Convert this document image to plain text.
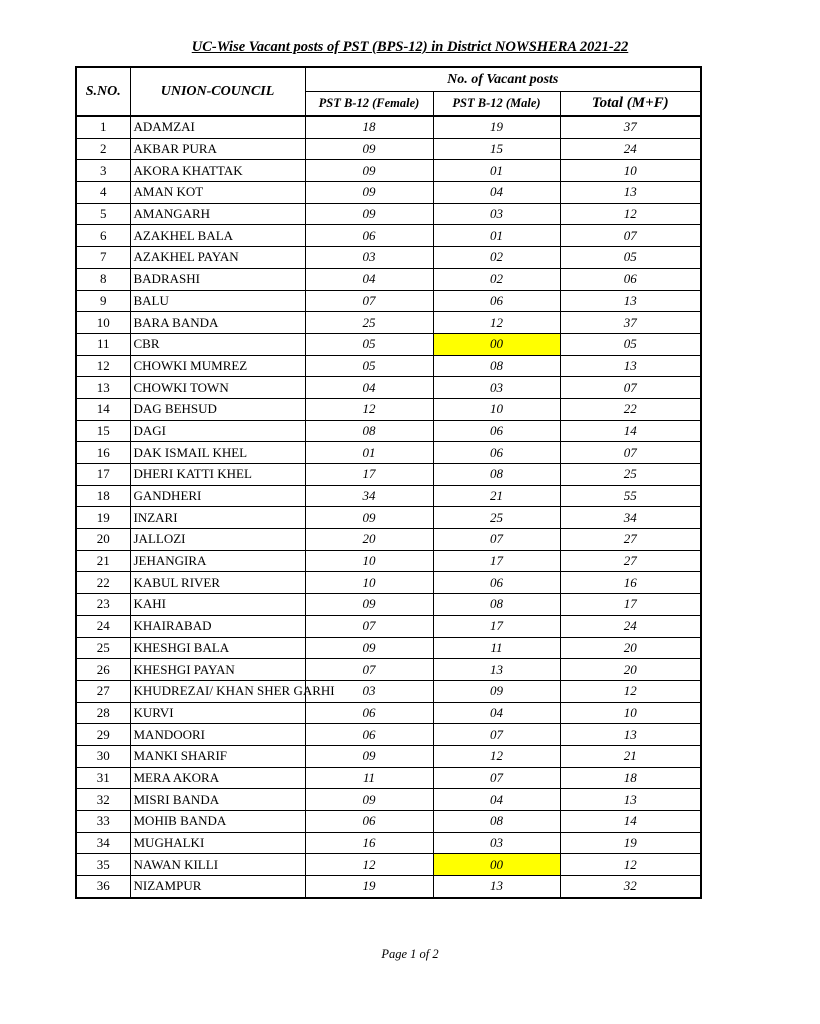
UC-Wise Vacant posts of PST (BPS-12) in District NOWSHERA 2021-22
S.NO.	UNION-COUNCIL	No. of Vacant posts		
		PST B-12 (Female)	PST B-12 (Male)	Total (M+F)
1	ADAMZAI	18	19	37
2	AKBAR PURA	09	15	24
3	AKORA KHATTAK	09	01	10
4	AMAN KOT	09	04	13
5	AMANGARH	09	03	12
6	AZAKHEL BALA	06	01	07
7	AZAKHEL PAYAN	03	02	05
8	BADRASHI	04	02	06
9	BALU	07	06	13
10	BARA BANDA	25	12	37
11	CBR	05	00	05
12	CHOWKI MUMREZ	05	08	13
13	CHOWKI TOWN	04	03	07
14	DAG BEHSUD	12	10	22
15	DAGI	08	06	14
16	DAK ISMAIL KHEL	01	06	07
17	DHERI KATTI KHEL	17	08	25
18	GANDHERI	34	21	55
19	INZARI	09	25	34
20	JALLOZI	20	07	27
21	JEHANGIRA	10	17	27
22	KABUL RIVER	10	06	16
23	KAHI	09	08	17
24	KHAIRABAD	07	17	24
25	KHESHGI BALA	09	11	20
26	KHESHGI PAYAN	07	13	20
27	KHUDREZAI/ KHAN SHER GARHI	03	09	12
28	KURVI	06	04	10
29	MANDOORI	06	07	13
30	MANKI SHARIF	09	12	21
31	MERA AKORA	11	07	18
32	MISRI BANDA	09	04	13
33	MOHIB BANDA	06	08	14
34	MUGHALKI	16	03	19
35	NAWAN KILLI	12	00	12
36	NIZAMPUR	19	13	32
Page 1 of 2
